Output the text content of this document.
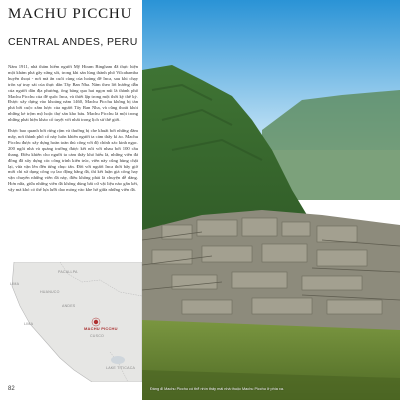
MACHU PICCHU
CENTRAL ANDES, PERU

Năm 1911, nhà thám hiểm người Mỹ Hiram Bingham đã thực hiện một khám phá gây sửng sốt, trong khi săn lùng thành phố Vilcabamba huyền thoại - nơi mà ấn cuối cùng của hoàng đế Inca, sau khi chạy trốn sự truy sát của thực dân Tây Ban Nha. Năm theo lời hướng dẫn của người dân địa phương, ông băng qua hai ngọn núi là thành phố Machu Picchu của đế quốc Inca, và thiết lập trong một thời kỳ thế kỷ. Được xây dựng vào khoảng năm 1460, Machu Picchu không bị tàn phá bởi cuộc xâm lược của người Tây Ban Nha, và cũng thoát khỏi những kẻ trộm mộ hoặc thợ săn kho báu. Machu Picchu là một trong những phát hiện khảo cổ tuyệt vời nhất trong lịch sử thế giới.

Được bao quanh bởi rừng rậm và thường bị che khuất bởi những đám mây, nơi thành phố cổ này luôn khiến người ta cảm thấy kì ảo. Machu Picchu được xây dựng hoàn toàn thủ công với độ chính xác kinh ngạc. 200 ngôi nhà và quảng trường được kết nối với nhau bởi 100 cầu thang. Điều khiến cho người ta cảm thấy khó hiểu là, những viên đá đồng đã xây dựng các công trình kiến trúc, viên này cũng hùng chặt lại, vừa vặn lên đến từng chục tấn. Đời với người Inca thời bấy giờ mới chỉ sử dụng công cụ lao động bằng đá, thì kết luận giả công hay vận chuyển những viên đá này, điều không phải là chuyện dễ dàng. Hơn nữa, giữa những viên đá không dùng bất cứ vật liệu nào gắn kết, vậy mà khó có thể lựa lưỡi dao mỏng vào khe hở giữa những viên đá.

PACALLPA
LIMA
HUANUCO
ANDES
MACHU PICCHU
CUSCO
LAKE TITICACA
LIMA
82	Đáng đi Machu Picchu có thể nhìn thấy mái nhà thuộc Machu Picchu ở phía xa.
